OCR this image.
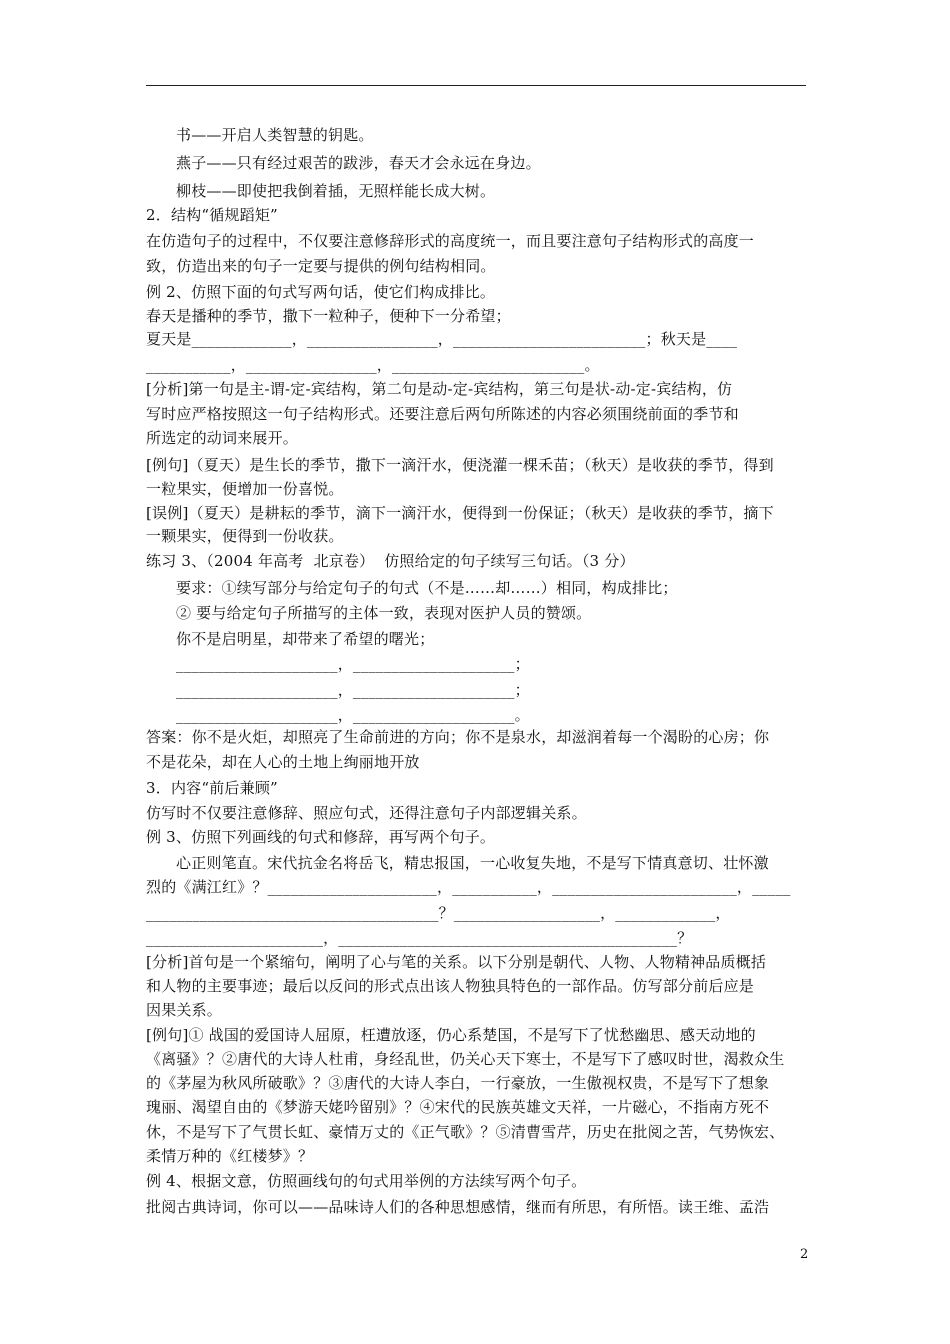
书——开启人类智慧的钥匙。
燕子——只有经过艰苦的跋涉，春天才会永远在身边。
柳枝——即使把我倒着插，无照样能长成大树。
2．结构“循规蹈矩”
在仿造句子的过程中，不仅要注意修辞形式的高度统一，而且要注意句子结构形式的高度一
致，仿造出来的句子一定要与提供的例句结构相同。
例 2、仿照下面的句式写两句话，使它们构成排比。
春天是播种的季节，撒下一粒种子，便种下一分希望；
夏天是_____________，_________________，_________________________；秋天是____
___________，_________________，_________________________。
[分析]第一句是主-谓-定-宾结构，第二句是动-定-宾结构，第三句是状-动-定-宾结构，仿
写时应严格按照这一句子结构形式。还要注意后两句所陈述的内容必须围绕前面的季节和
所选定的动词来展开。
[例句]（夏天）是生长的季节，撒下一滴汗水，便浇灌一棵禾苗；（秋天）是收获的季节，得到
一粒果实，便增加一份喜悦。
[误例]（夏天）是耕耘的季节，滴下一滴汗水，便得到一份保证；（秋天）是收获的季节，摘下
一颗果实，便得到一份收获。
练习 3、（2004 年高考  北京卷）  仿照给定的句子续写三句话。（3 分）
要求：①续写部分与给定句子的句式（不是……却……）相同，构成排比；
② 要与给定句子所描写的主体一致，表现对医护人员的赞颂。
你不是启明星，却带来了希望的曙光；
_____________________，_____________________；
_____________________，_____________________；
_____________________，_____________________。
答案：你不是火炬，却照亮了生命前进的方向；你不是泉水，却滋润着每一个渴盼的心房；你
不是花朵，却在人心的土地上绚丽地开放
3．内容“前后兼顾”
仿写时不仅要注意修辞、照应句式，还得注意句子内部逻辑关系。
例 3、仿照下列画线的句式和修辞，再写两个句子。
心正则笔直。宋代抗金名将岳飞，精忠报国，一心收复失地，不是写下情真意切、壮怀激
烈的《满江红》？______________________，___________，________________________，_____
______________________________________？___________________，_____________，
_______________________，____________________________________________？
[分析]首句是一个紧缩句，阐明了心与笔的关系。以下分别是朝代、人物、人物精神品质概括
和人物的主要事迹；最后以反问的形式点出该人物独具特色的一部作品。仿写部分前后应是
因果关系。
[例句]① 战国的爱国诗人屈原，枉遭放逐，仍心系楚国，不是写下了忧愁幽思、感天动地的
《离骚》？②唐代的大诗人杜甫，身经乱世，仍关心天下寒士，不是写下了感叹时世，渴救众生
的《茅屋为秋风所破歌》？③唐代的大诗人李白，一行豪放，一生傲视权贵，不是写下了想象
瑰丽、渴望自由的《梦游天姥吟留别》？④宋代的民族英雄文天祥，一片磁心，不指南方死不
休，不是写下了气贯长虹、豪情万丈的《正气歌》？⑤清曹雪芹，历史在批阅之苦，气势恢宏、
柔情万种的《红楼梦》？
例 4、根据文意，仿照画线句的句式用举例的方法续写两个句子。
批阅古典诗词，你可以——品味诗人们的各种思想感情，继而有所思，有所悟。读王维、孟浩
2
